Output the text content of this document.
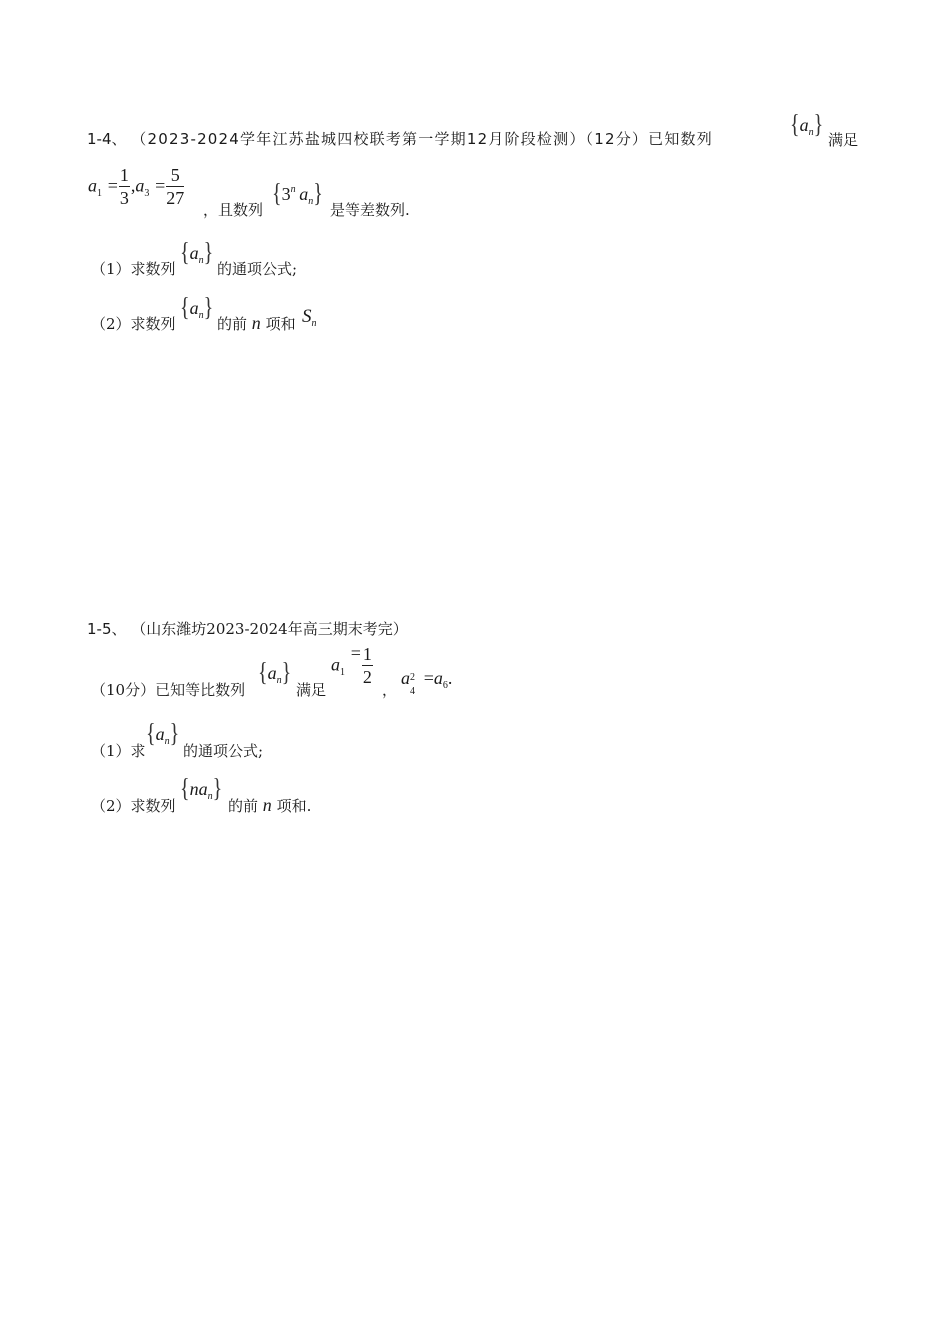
1-4、 （2023-2024学年江苏盐城四校联考第一学期12月阶段检测）（12分）已知数列	$\{a_n\}$
满足
$a_1 = \frac{1}{3} ,a_3 = \frac{5}{27}$
，且数列
{3$^n$  $a_n$}
是等差数列.
（1）求数列
$\{a_n\}$
的通项公式;
（2）求数列
$\{a_n\}$
的前 n 项和 $S_n$
1-5、 （山东潍坊2023-2024年高三期末考完）
（10分）已知等比数列
$\{a_n\}$
满足
$a_1 = \frac{1}{2}$
，
a 2
4
$=a_6$.
（1）求
$\{a_n\}$
的通项公式;
（2）求数列
$\{na_n\}$
的前 n 项和.
